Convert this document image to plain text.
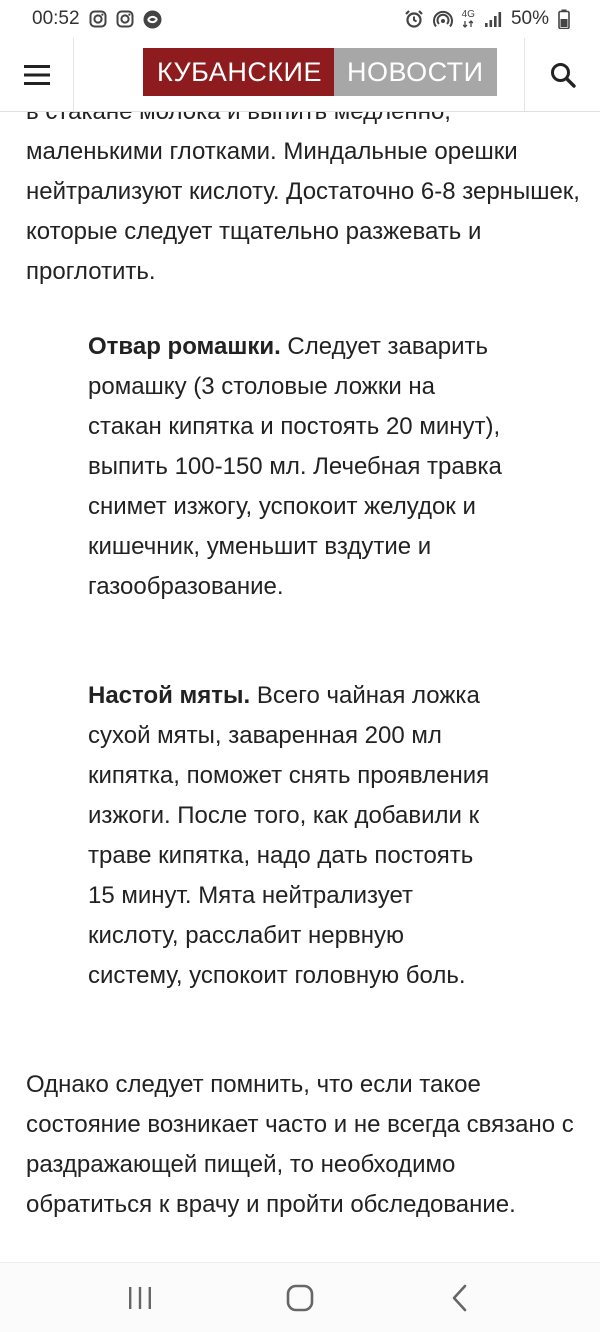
00:52	4G 50%
КУБАНСКИЕ НОВОСТИ

маленькими глотками. Миндальные орешки нейтрализуют кислоту. Достаточно 6-8 зернышек, которые следует тщательно разжевать и проглотить.

Отвар ромашки. Следует заварить ромашку (3 столовые ложки на стакан кипятка и постоять 20 минут), выпить 100-150 мл. Лечебная травка снимет изжогу, успокоит желудок и кишечник, уменьшит вздутие и газообразование.

Настой мяты. Всего чайная ложка сухой мяты, заваренная 200 мл кипятка, поможет снять проявления изжоги. После того, как добавили к траве кипятка, надо дать постоять 15 минут. Мята нейтрализует кислоту, расслабит нервную систему, успокоит головную боль.

Однако следует помнить, что если такое состояние возникает часто и не всегда связано с раздражающей пищей, то необходимо обратиться к врачу и пройти обследование.
